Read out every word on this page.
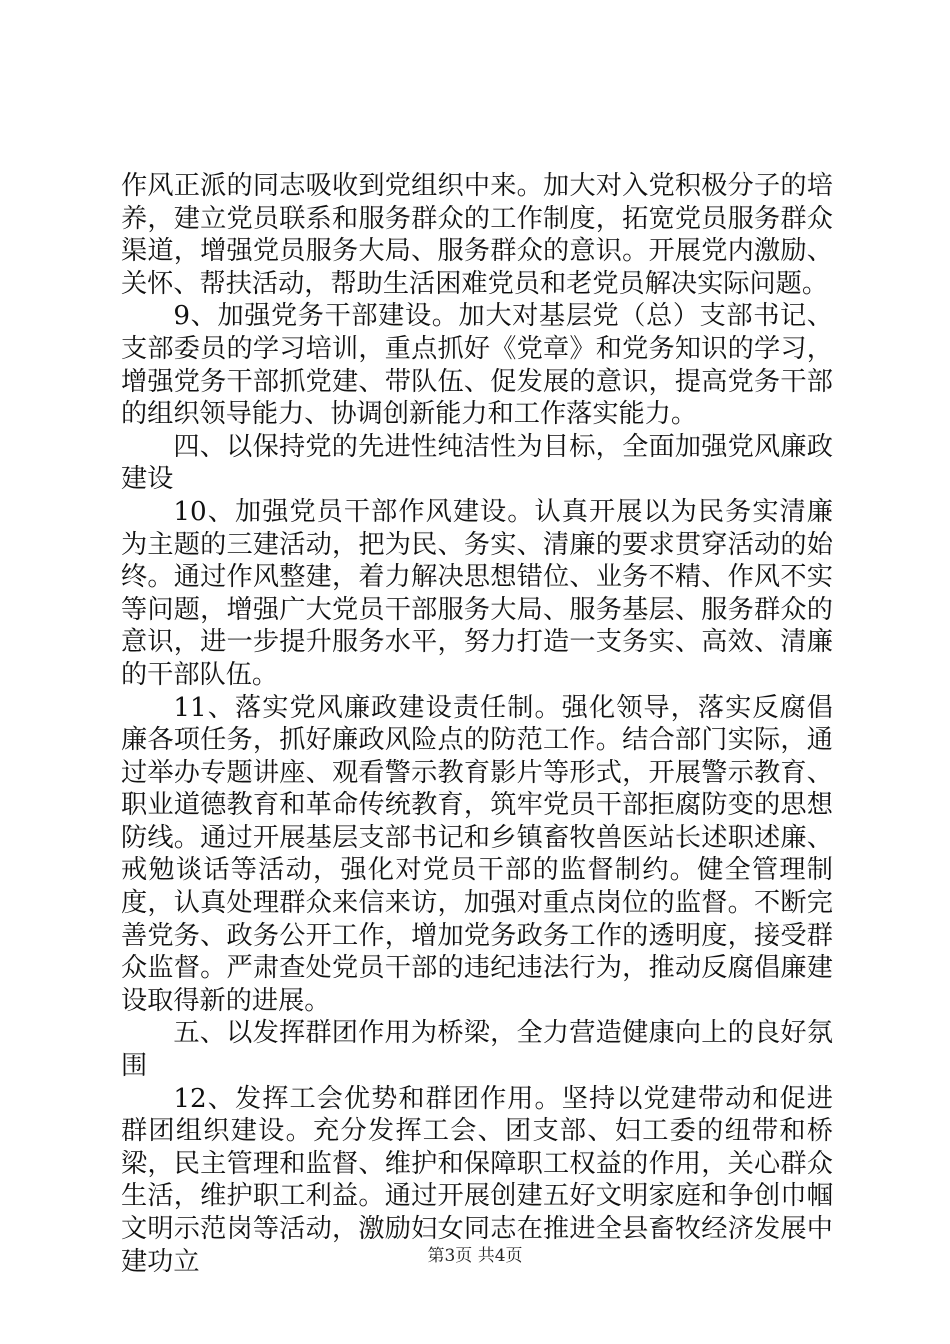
作风正派的同志吸收到党组织中来。加大对入党积极分子的培养，建立党员联系和服务群众的工作制度，拓宽党员服务群众渠道，增强党员服务大局、服务群众的意识。开展党内激励、关怀、帮扶活动，帮助生活困难党员和老党员解决实际问题。

9、加强党务干部建设。加大对基层党（总）支部书记、支部委员的学习培训，重点抓好《党章》和党务知识的学习，增强党务干部抓党建、带队伍、促发展的意识，提高党务干部的组织领导能力、协调创新能力和工作落实能力。

四、以保持党的先进性纯洁性为目标，全面加强党风廉政建设

10、加强党员干部作风建设。认真开展以为民务实清廉为主题的三建活动，把为民、务实、清廉的要求贯穿活动的始终。通过作风整建，着力解决思想错位、业务不精、作风不实等问题，增强广大党员干部服务大局、服务基层、服务群众的意识，进一步提升服务水平，努力打造一支务实、高效、清廉的干部队伍。

11、落实党风廉政建设责任制。强化领导，落实反腐倡廉各项任务，抓好廉政风险点的防范工作。结合部门实际，通过举办专题讲座、观看警示教育影片等形式，开展警示教育、职业道德教育和革命传统教育，筑牢党员干部拒腐防变的思想防线。通过开展基层支部书记和乡镇畜牧兽医站长述职述廉、戒勉谈话等活动，强化对党员干部的监督制约。健全管理制度，认真处理群众来信来访，加强对重点岗位的监督。不断完善党务、政务公开工作，增加党务政务工作的透明度，接受群众监督。严肃查处党员干部的违纪违法行为，推动反腐倡廉建设取得新的进展。

五、以发挥群团作用为桥梁，全力营造健康向上的良好氛围

12、发挥工会优势和群团作用。坚持以党建带动和促进群团组织建设。充分发挥工会、团支部、妇工委的纽带和桥梁，民主管理和监督、维护和保障职工权益的作用，关心群众生活，维护职工利益。通过开展创建五好文明家庭和争创巾帼文明示范岗等活动，激励妇女同志在推进全县畜牧经济发展中建功立	第3页 共4页
